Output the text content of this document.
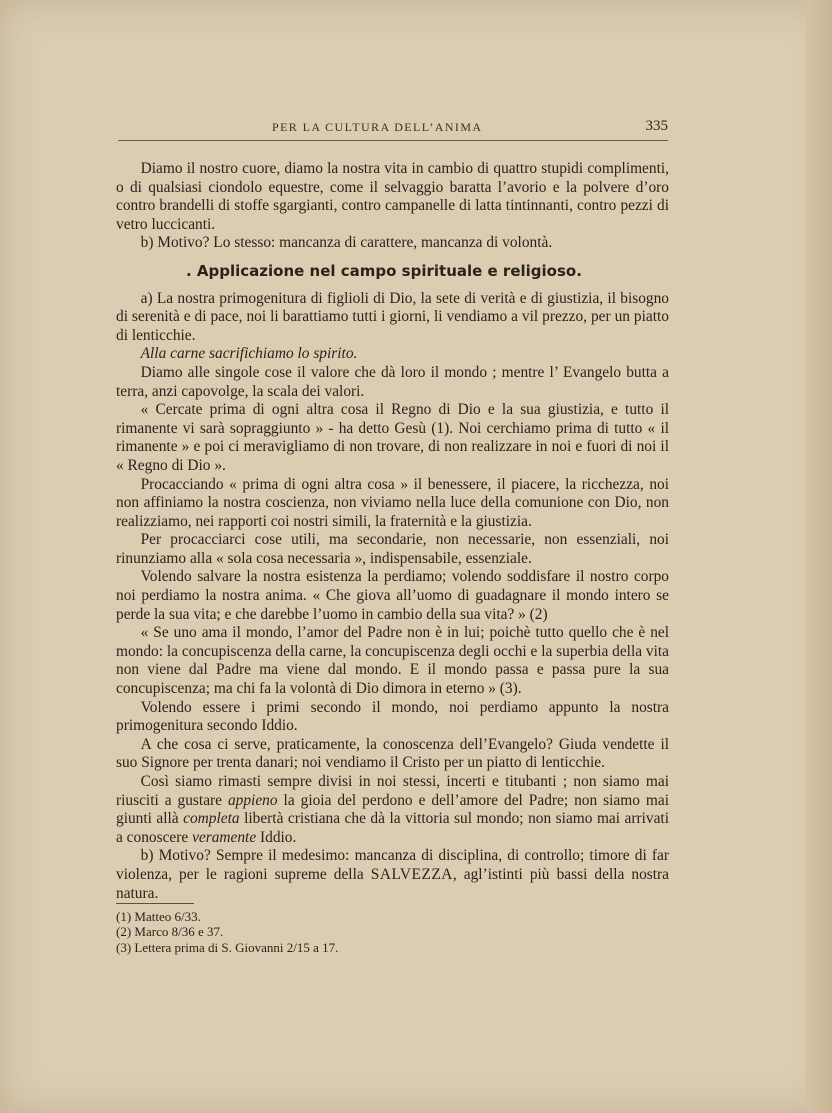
PER LA CULTURA DELL’ANIMA	335

Diamo il nostro cuore, diamo la nostra vita in cambio di quattro stupidi complimenti, o di qualsiasi ciondolo equestre, come il selvaggio baratta l’avorio e la polvere d’oro contro brandelli di stoffe sgargianti, contro campanelle di latta tintinnanti, contro pezzi di vetro luccicanti.

b) Motivo? Lo stesso: mancanza di carattere, mancanza di volontà.

. Applicazione nel campo spirituale e religioso.

a) La nostra primogenitura di figlioli di Dio, la sete di verità e di giustizia, il bisogno di serenità e di pace, noi li barattiamo tutti i giorni, li vendiamo a vil prezzo, per un piatto di lenticchie.

Alla carne sacrifichiamo lo spirito.

Diamo alle singole cose il valore che dà loro il mondo ; mentre l’ Evangelo butta a terra, anzi capovolge, la scala dei valori.

« Cercate prima di ogni altra cosa il Regno di Dio e la sua giustizia, e tutto il rimanente vi sarà sopraggiunto » - ha detto Gesù (1). Noi cerchiamo prima di tutto « il rimanente » e poi ci meravigliamo di non trovare, di non realizzare in noi e fuori di noi il « Regno di Dio ».

Procacciando « prima di ogni altra cosa » il benessere, il piacere, la ricchezza, noi non affiniamo la nostra coscienza, non viviamo nella luce della comunione con Dio, non realizziamo, nei rapporti coi nostri simili, la fraternità e la giustizia.

Per procacciarci cose utili, ma secondarie, non necessarie, non essenziali, noi rinunziamo alla « sola cosa necessaria », indispensabile, essenziale.

Volendo salvare la nostra esistenza la perdiamo; volendo soddisfare il nostro corpo noi perdiamo la nostra anima. « Che giova all’uomo di guadagnare il mondo intero se perde la sua vita; e che darebbe l’uomo in cambio della sua vita? » (2)

« Se uno ama il mondo, l’amor del Padre non è in lui; poichè tutto quello che è nel mondo: la concupiscenza della carne, la concupiscenza degli occhi e la superbia della vita non viene dal Padre ma viene dal mondo. E il mondo passa e passa pure la sua concupiscenza; ma chi fa la volontà di Dio dimora in eterno » (3).

Volendo essere i primi secondo il mondo, noi perdiamo appunto la nostra primogenitura secondo Iddio.

A che cosa ci serve, praticamente, la conoscenza dell’Evangelo? Giuda vendette il suo Signore per trenta danari; noi vendiamo il Cristo per un piatto di lenticchie.

Così siamo rimasti sempre divisi in noi stessi, incerti e titubanti ; non siamo mai riusciti a gustare appieno la gioia del perdono e dell’amore del Padre; non siamo mai giunti allà completa libertà cristiana che dà la vittoria sul mondo; non siamo mai arrivati a conoscere veramente Iddio.

b) Motivo? Sempre il medesimo: mancanza di disciplina, di controllo; timore di far violenza, per le ragioni supreme della SALVEZZA, agl’istinti più bassi della nostra natura.

(1) Matteo 6/33.

(2) Marco 8/36 e 37.

(3) Lettera prima di S. Giovanni 2/15 a 17.
